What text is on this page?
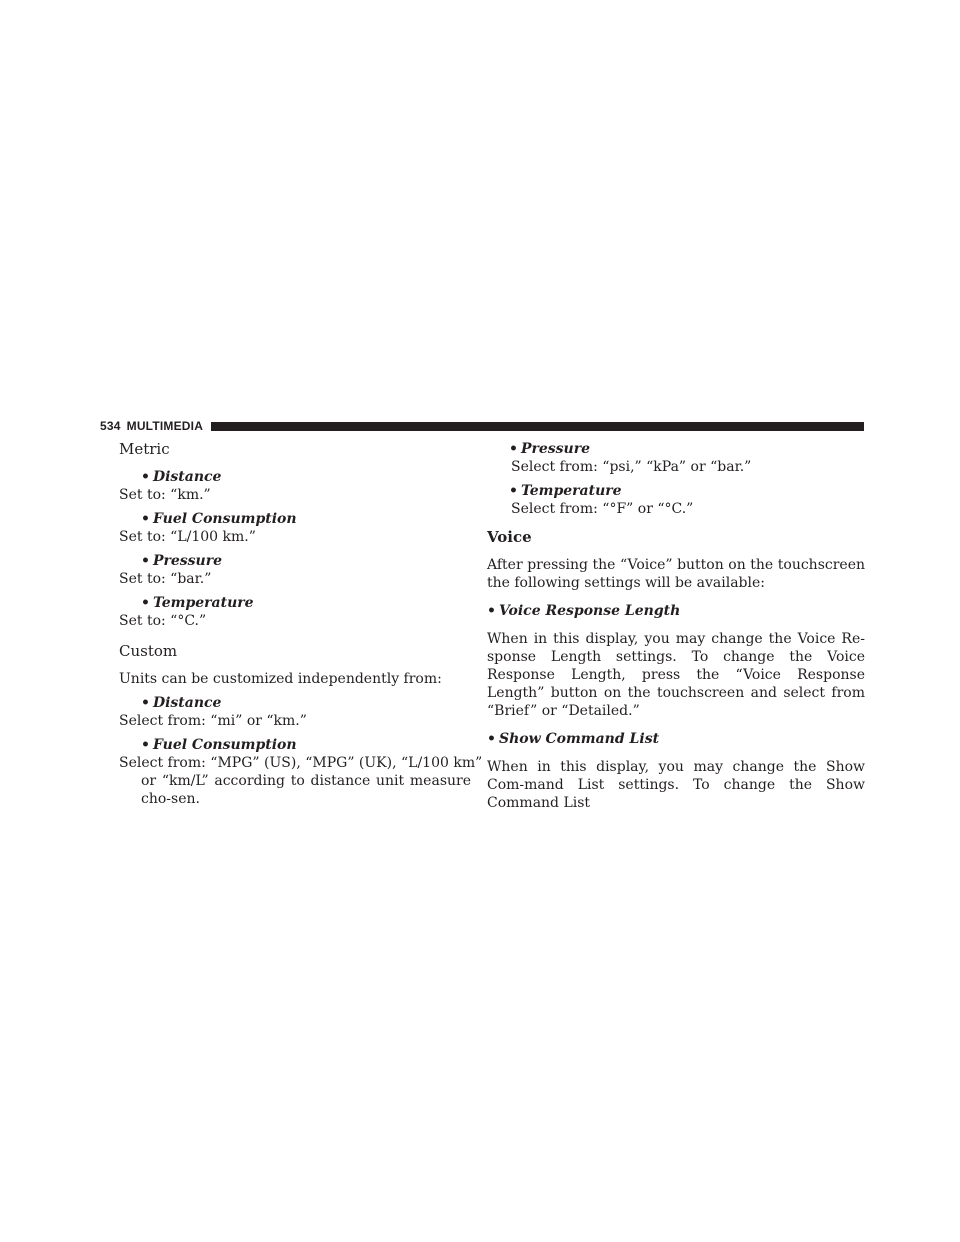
534 MULTIMEDIA

Metric

• Distance

Set to: “km.”

• Fuel Consumption

Set to: “L/100 km.”

• Pressure

Set to: “bar.”

• Temperature

Set to: “°C.”

Custom

Units can be customized independently from:

• Distance

Select from: “mi” or “km.”

• Fuel Consumption

Select from: “MPG” (US), “MPG” (UK), “L/100 km”

or “km/L” according to distance unit measure cho-sen.

• Pressure

Select from: “psi,” “kPa” or “bar.”

• Temperature

Select from: “°F” or “°C.”

Voice

After pressing the “Voice” button on the touchscreen the following settings will be available:

• Voice Response Length

When in this display, you may change the Voice Re-sponse Length settings. To change the Voice Response Length, press the “Voice Response Length” button on the touchscreen and select from “Brief” or “Detailed.”

• Show Command List

When in this display, you may change the Show Com-mand List settings. To change the Show Command List
